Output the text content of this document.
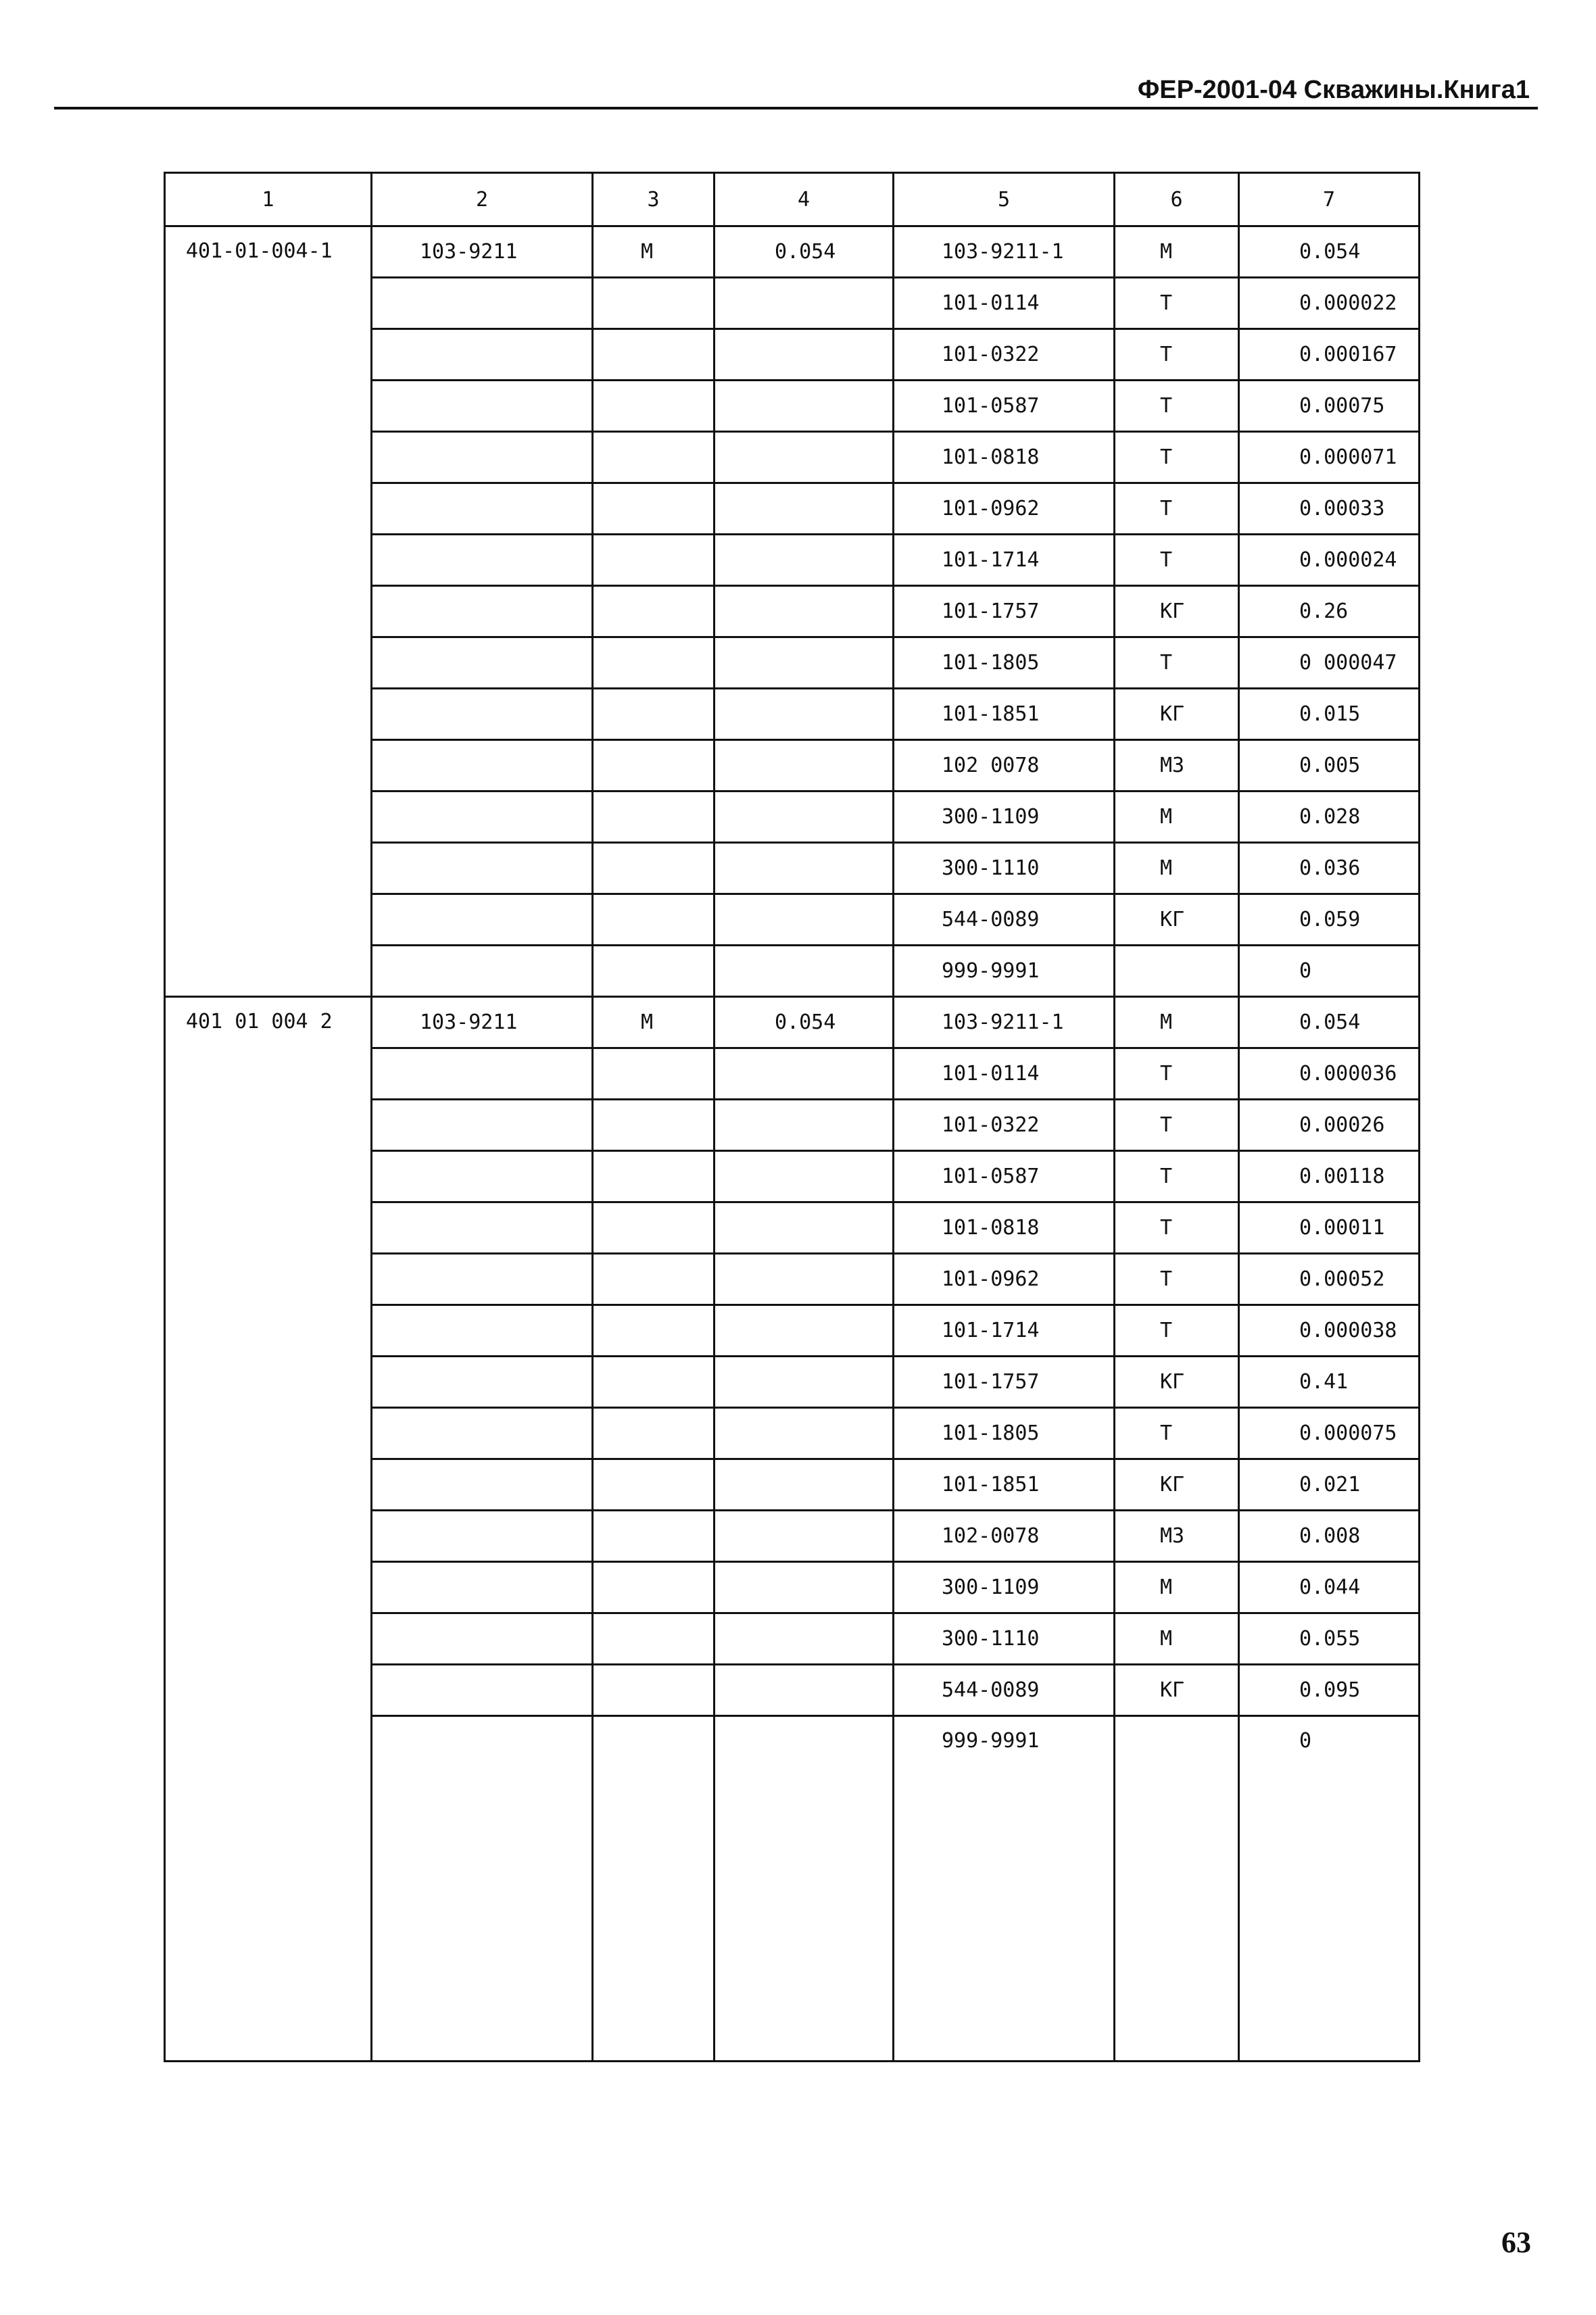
ФЕР-2001-04 Скважины.Книга1
1	2	3	4	5	6	7
401-01-004-1	103-9211	М	0.054	103-9211-1	М	0.054
				101-0114	Т	0.000022
				101-0322	Т	0.000167
				101-0587	Т	0.00075
				101-0818	Т	0.000071
				101-0962	Т	0.00033
				101-1714	Т	0.000024
				101-1757	КГ	0.26
				101-1805	Т	0 000047
				101-1851	КГ	0.015
				102 0078	М3	0.005
				300-1109	М	0.028
				300-1110	М	0.036
				544-0089	КГ	0.059
				999-9991		0
401 01 004 2	103-9211	М	0.054	103-9211-1	М	0.054
				101-0114	Т	0.000036
				101-0322	Т	0.00026
				101-0587	Т	0.00118
				101-0818	Т	0.00011
				101-0962	Т	0.00052
				101-1714	Т	0.000038
				101-1757	КГ	0.41
				101-1805	Т	0.000075
				101-1851	КГ	0.021
				102-0078	М3	0.008
				300-1109	М	0.044
				300-1110	М	0.055
				544-0089	КГ	0.095
				999-9991		0
63
